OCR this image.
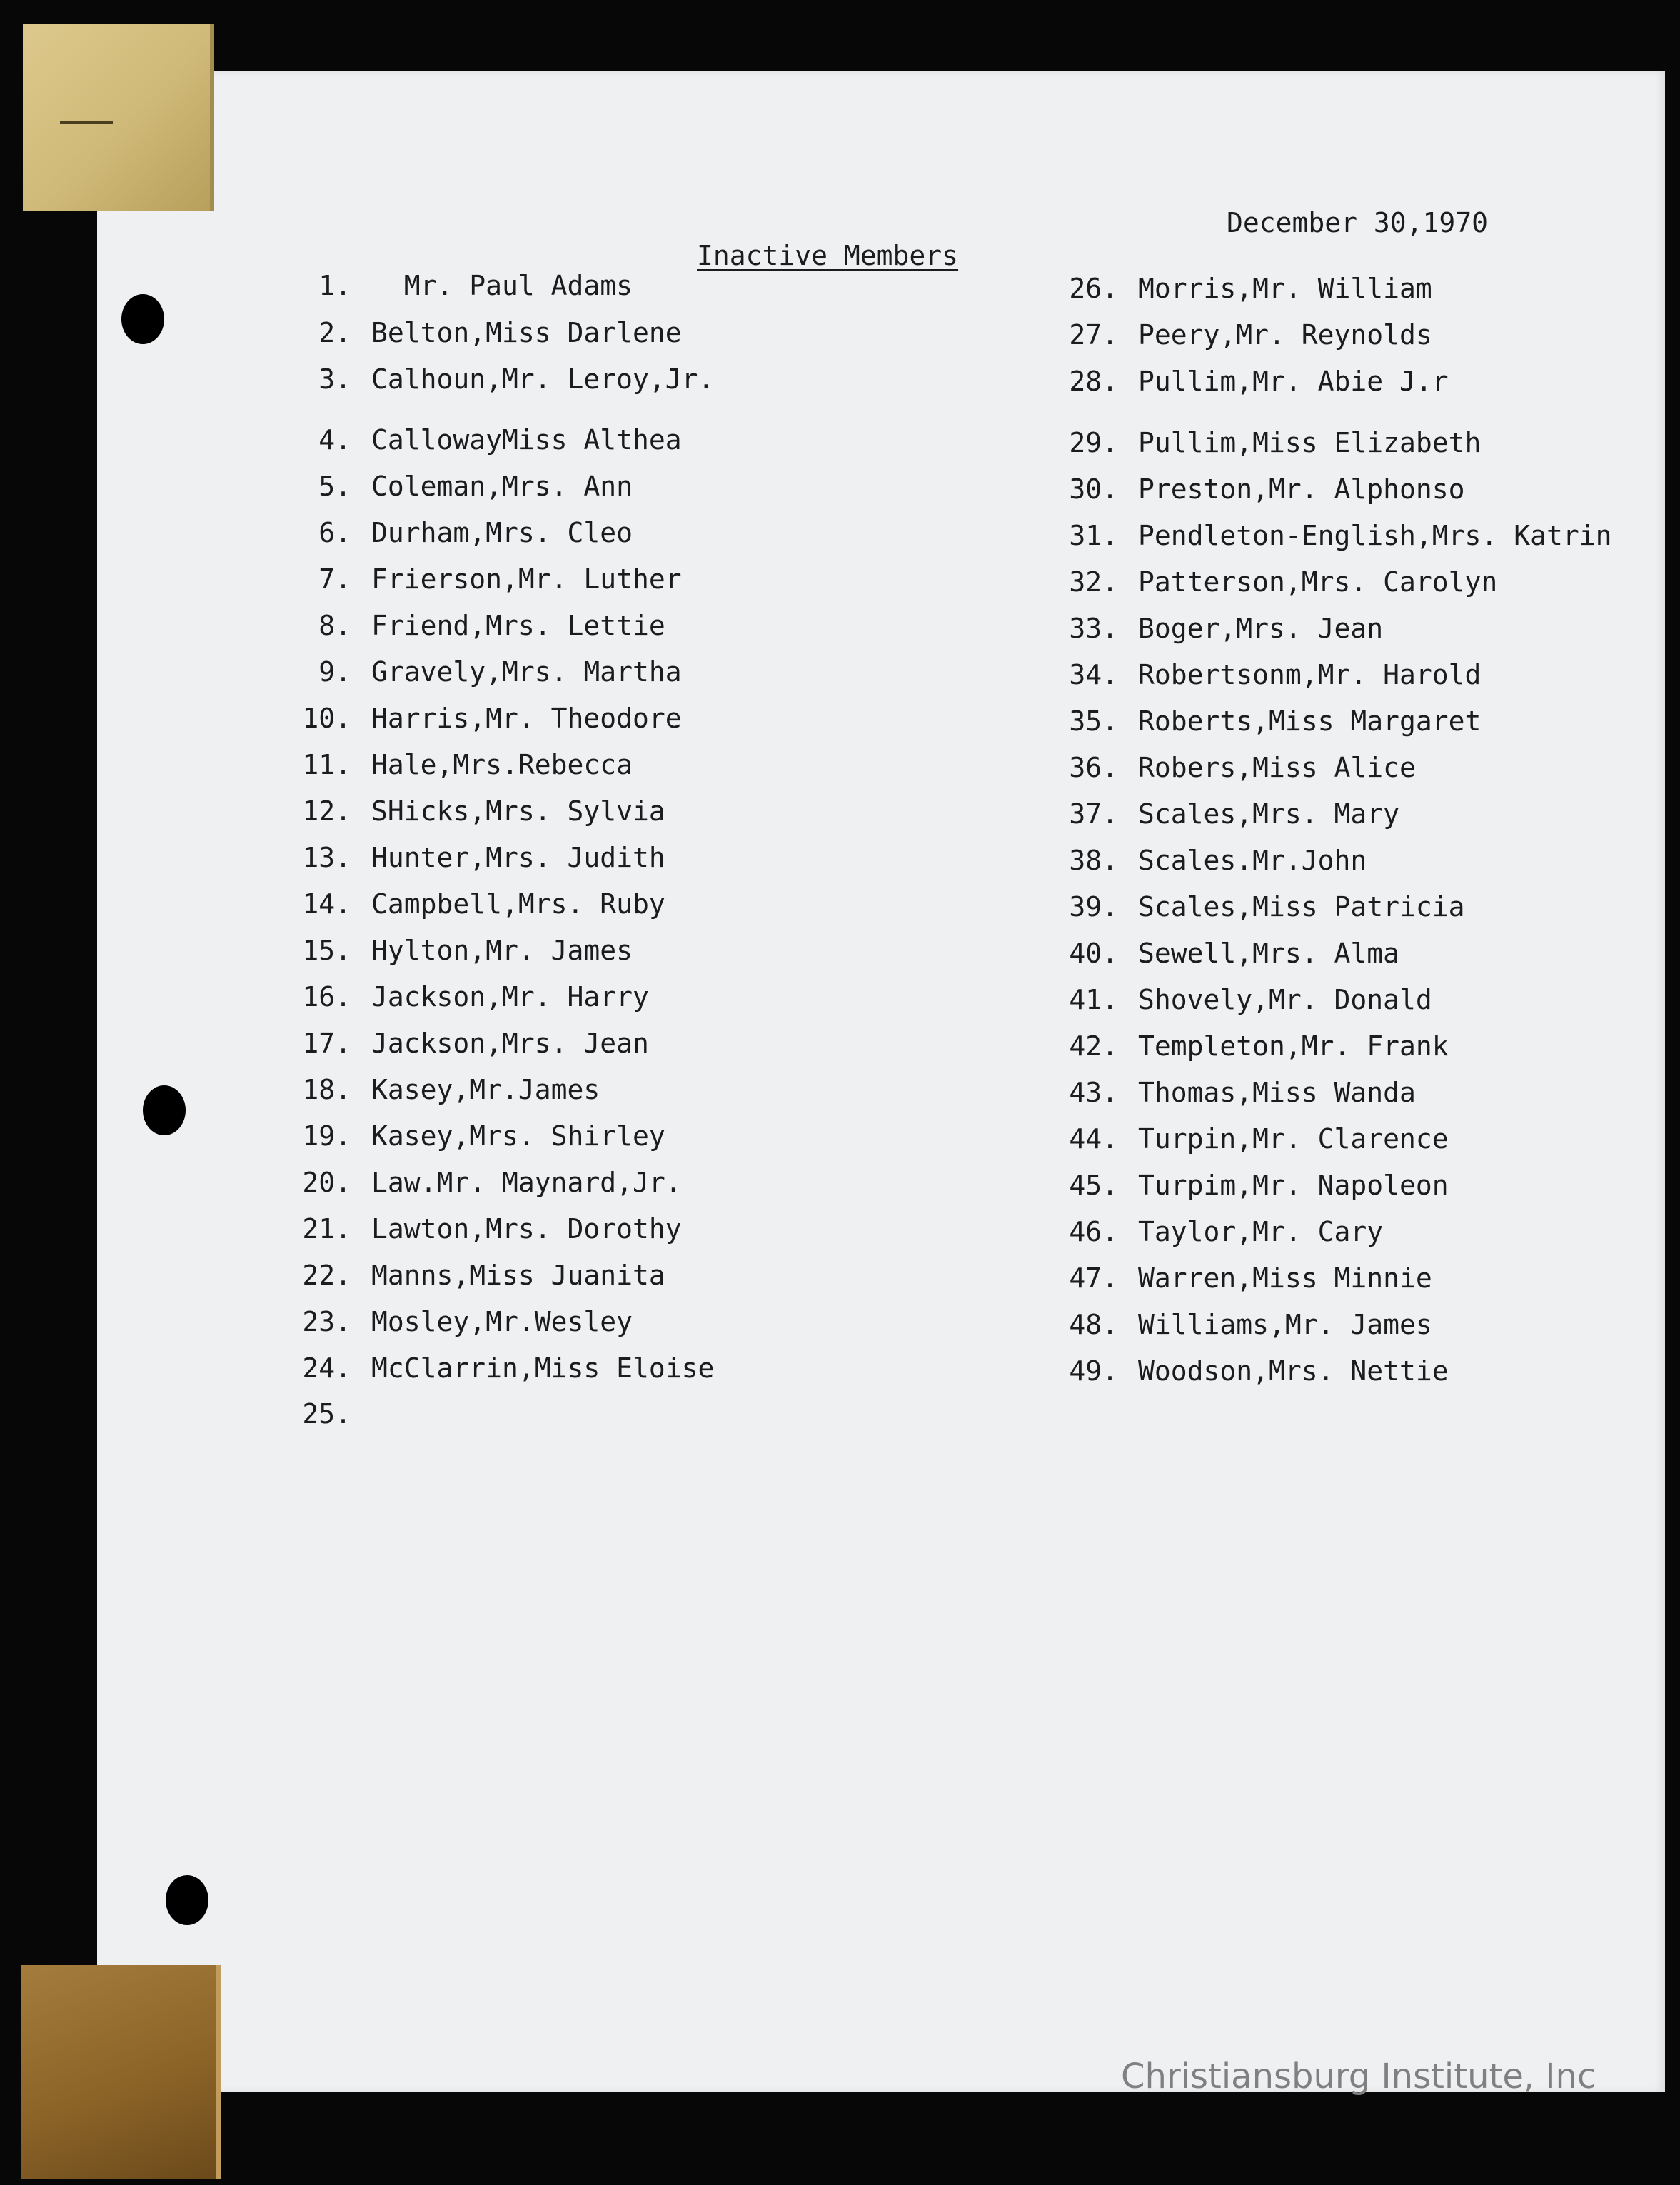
December 30,1970
Inactive Members
1.  Mr. Paul Adams
2. Belton,Miss Darlene
3. Calhoun,Mr. Leroy,Jr.
4. CallowayMiss Althea
5. Coleman,Mrs. Ann
6. Durham,Mrs. Cleo
7. Frierson,Mr. Luther
8. Friend,Mrs. Lettie
9. Gravely,Mrs. Martha
10. Harris,Mr. Theodore
11. Hale,Mrs.Rebecca
12. SHicks,Mrs. Sylvia
13. Hunter,Mrs. Judith
14. Campbell,Mrs. Ruby
15. Hylton,Mr. James
16. Jackson,Mr. Harry
17. Jackson,Mrs. Jean
18. Kasey,Mr.James
19. Kasey,Mrs. Shirley
20. Law.Mr. Maynard,Jr.
21. Lawton,Mrs. Dorothy
22. Manns,Miss Juanita
23. Mosley,Mr.Wesley
24. McClarrin,Miss Eloise
25.
26. Morris,Mr. William
27. Peery,Mr. Reynolds
28. Pullim,Mr. Abie J.r
29. Pullim,Miss Elizabeth
30. Preston,Mr. Alphonso
31. Pendleton-English,Mrs. Katrin
32. Patterson,Mrs. Carolyn
33. Boger,Mrs. Jean
34. Robertsonm,Mr. Harold
35. Roberts,Miss Margaret
36. Robers,Miss Alice
37. Scales,Mrs. Mary
38. Scales.Mr.John
39. Scales,Miss Patricia
40. Sewell,Mrs. Alma
41. Shovely,Mr. Donald
42. Templeton,Mr. Frank
43. Thomas,Miss Wanda
44. Turpin,Mr. Clarence
45. Turpim,Mr. Napoleon
46. Taylor,Mr. Cary
47. Warren,Miss Minnie
48. Williams,Mr. James
49. Woodson,Mrs. Nettie
Christiansburg Institute, Inc
